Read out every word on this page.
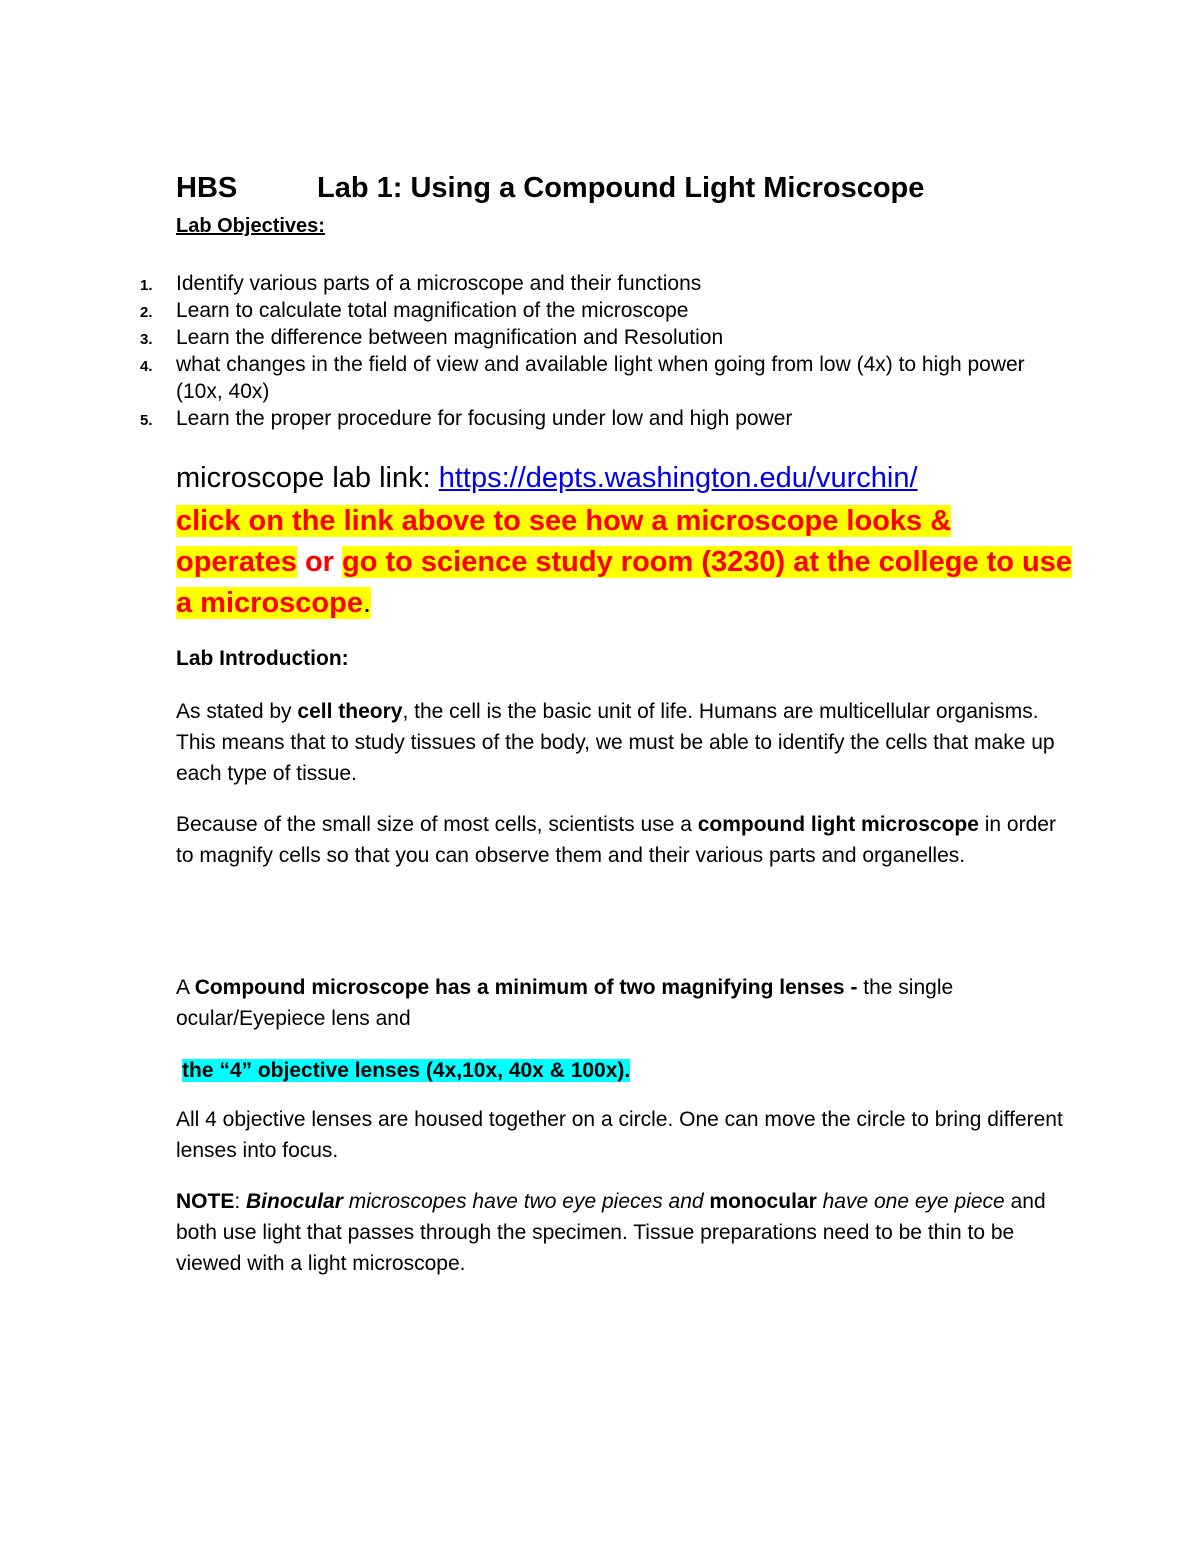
HBS	Lab 1: Using a Compound Light Microscope
Lab Objectives:
1. Identify various parts of a microscope and their functions
2. Learn to calculate total magnification of the microscope
3. Learn the difference between magnification and Resolution
4. what changes in the field of view and available light when going from low (4x) to high power (10x, 40x)
5. Learn the proper procedure for focusing under low and high power
microscope lab link: https://depts.washington.edu/vurchin/
click on the link above to see how a microscope looks & operates or go to science study room (3230) at the college to use a microscope.
Lab Introduction:
As stated by cell theory, the cell is the basic unit of life. Humans are multicellular organisms. This means that to study tissues of the body, we must be able to identify the cells that make up each type of tissue.
Because of the small size of most cells, scientists use a compound light microscope in order to magnify cells so that you can observe them and their various parts and organelles.
A Compound microscope has a minimum of two magnifying lenses - the single ocular/Eyepiece lens and
the “4” objective lenses (4x,10x, 40x & 100x).
All 4 objective lenses are housed together on a circle. One can move the circle to bring different lenses into focus.
NOTE: Binocular microscopes have two eye pieces and monocular have one eye piece and both use light that passes through the specimen. Tissue preparations need to be thin to be viewed with a light microscope.
